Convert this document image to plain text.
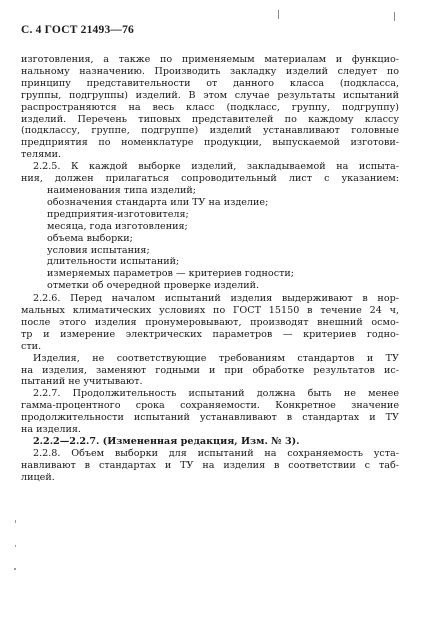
С. 4 ГОСТ 21493—76
изготовления, а также по применяемым материалам и функцио-
нальному назначению. Производить закладку изделий следует по
принципу представительности от данного класса (подкласса,
группы, подгруппы) изделий. В этом случае результаты испытаний
распространяются на весь класс (подкласс, группу, подгруппу)
изделий. Перечень типовых представителей по каждому классу
(подклассу, группе, подгруппе) изделий устанавливают головные
предприятия по номенклатуре продукции, выпускаемой изготови-
телями.
2.2.5. К каждой выборке изделий, закладываемой на испыта-
ния, должен прилагаться сопроводительный лист с указанием:
наименования типа изделий;
обозначения стандарта или ТУ на изделие;
предприятия-изготовителя;
месяца, года изготовления;
объема выборки;
условия испытания;
длительности испытаний;
измеряемых параметров — критериев годности;
отметки об очередной проверке изделий.
2.2.6. Перед началом испытаний изделия выдерживают в нор-
мальных климатических условиях по ГОСТ 15150 в течение 24 ч,
после этого изделия пронумеровывают, производят внешний осмо-
тр и измерение электрических параметров — критериев годно-
сти.
Изделия, не соответствующие требованиям стандартов и ТУ
на изделия, заменяют годными и при обработке результатов ис-
пытаний не учитывают.
2.2.7. Продолжительность испытаний должна быть не менее
гамма-процентного срока сохраняемости. Конкретное значение
продолжительности испытаний устанавливают в стандартах и ТУ
на изделия.
2.2.2—2.2.7. (Измененная редакция, Изм. № 3).
2.2.8. Объем выборки для испытаний на сохраняемость уста-
навливают в стандартах и ТУ на изделия в соответствии с таб-
лицей.
